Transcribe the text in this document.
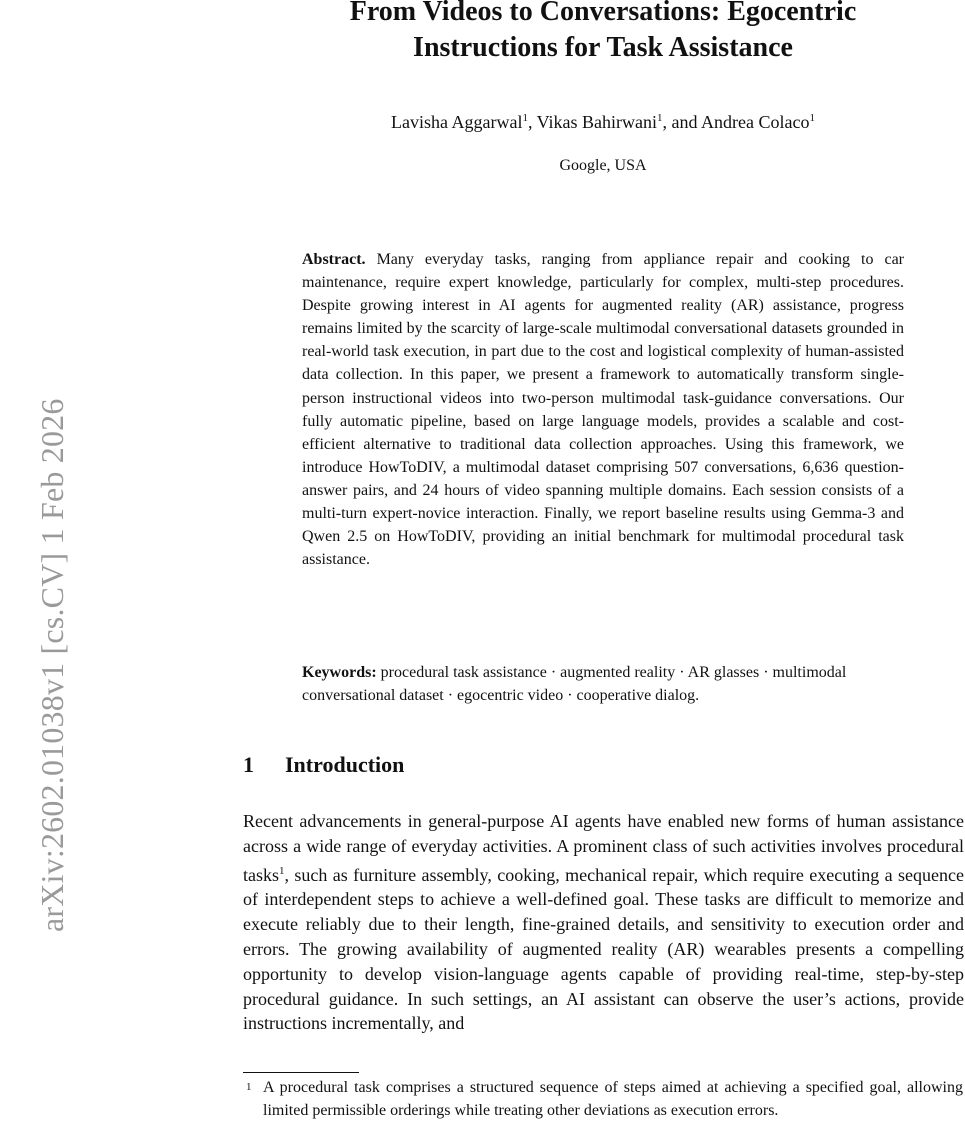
arXiv:2602.01038v1 [cs.CV] 1 Feb 2026
From Videos to Conversations: Egocentric
Instructions for Task Assistance
Lavisha Aggarwal$^1$, Vikas Bahirwani$^1$, and Andrea Colaco$^1$
Google, USA
Abstract. Many everyday tasks, ranging from appliance repair and cooking to car maintenance, require expert knowledge, particularly for complex, multi-step procedures. Despite growing interest in AI agents for augmented reality (AR) assistance, progress remains limited by the scarcity of large-scale multimodal conversational datasets grounded in real-world task execution, in part due to the cost and logistical complexity of human-assisted data collection. In this paper, we present a framework to automatically transform single-person instructional videos into two-person multimodal task-guidance conversations. Our fully automatic pipeline, based on large language models, provides a scalable and cost-efficient alternative to traditional data collection approaches. Using this framework, we introduce HowToDIV, a multimodal dataset comprising 507 conversations, 6,636 question-answer pairs, and 24 hours of video spanning multiple domains. Each session consists of a multi-turn expert-novice interaction. Finally, we report baseline results using Gemma-3 and Qwen 2.5 on HowToDIV, providing an initial benchmark for multimodal procedural task assistance.
Keywords: procedural task assistance · augmented reality · AR glasses · multimodal conversational dataset · egocentric video · cooperative dialog.
1 Introduction
Recent advancements in general-purpose AI agents have enabled new forms of human assistance across a wide range of everyday activities. A prominent class of such activities involves procedural tasks$^1$, such as furniture assembly, cooking, mechanical repair, which require executing a sequence of interdependent steps to achieve a well-defined goal. These tasks are difficult to memorize and execute reliably due to their length, fine-grained details, and sensitivity to execution order and errors. The growing availability of augmented reality (AR) wearables presents a compelling opportunity to develop vision-language agents capable of providing real-time, step-by-step procedural guidance. In such settings, an AI assistant can observe the user’s actions, provide instructions incrementally, and
1 A procedural task comprises a structured sequence of steps aimed at achieving a specified goal, allowing limited permissible orderings while treating other deviations as execution errors.
